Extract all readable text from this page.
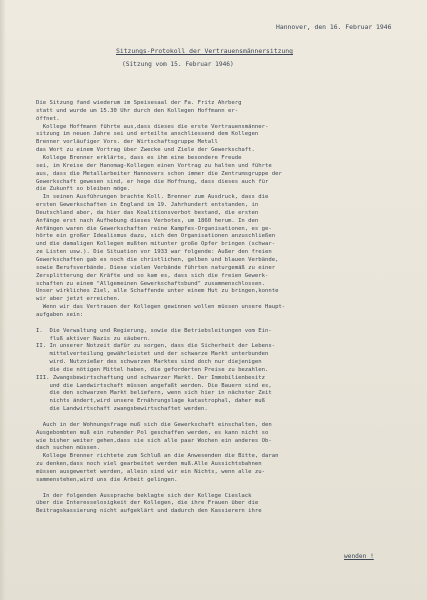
Hannover, den 16. Februar 1946
Sitzungs-Protokoll der Vertrauensmännersitzung
(Sitzung vom 15. Februar 1946)
Die Sitzung fand wiederum im Speisesaal der Fa. Fritz Ahrberg
statt und wurde um 15.30 Uhr durch den Kollegen Hoffmann er-
öffnet.
Kollege Hoffmann führte aus,dass dieses die erste Vertrauensmänner-
sitzung im neuen Jahre sei und erteilte anschliessend dem Kollegen
Brenner vorläufiger Vors. der Wirtschaftsgruppe Metall
das Wort zu einem Vortrag über Zwecke und Ziele der Gewerkschaft.
Kollege Brenner erklärte, dass es ihm eine besondere Freude
sei, im Kreise der Hanomag-Kollegen einen Vortrag zu halten und führte
aus, dass die Metallarbeiter Hannovers schon immer die Zentrumsgruppe der
Gewerkschaft gewesen sind, er hege die Hoffnung, dass dieses auch für
die Zukunft so bleiben möge.
In seinen Ausführungen brachte Koll. Brenner zum Ausdruck, dass die
ersten Gewerkschaften in England im 19. Jahrhundert entstanden, in
Deutschland aber, da hier das Koalitionsverbot bestand, die ersten
Anfänge erst nach Aufhebung dieses Verbotes, um 1860 herum. In den
Anfängen waren die Gewerkschaften reine Kampfes-Organisationen, es ge-
hörte ein großer Idealismus dazu, sich den Organisationen anzuschließen
und die damaligen Kollegen mußten mitunter große Opfer bringen (schwar-
ze Listen usw.). Die Situation vor 1933 war folgende: Außer den freien
Gewerkschaften gab es noch die christlichen, gelben und blauen Verbände,
sowie Berufsverbände. Diese vielen Verbände führten naturgemäß zu einer
Zersplitterung der Kräfte und so kam es, dass sich die freien Gewerk-
schaften zu einem "Allgemeinen Gewerkschaftsbund" zusammenschlossen.
Unser wirkliches Ziel, alle Schaffende unter einem Hut zu bringen,konnte
wir aber jetzt erreichen.
Wenn wir das Vertrauen der Kollegen gewinnen wollen müssen unsere Haupt-
aufgaben sein:
I.  Die Verwaltung und Regierung, sowie die Betriebsleitungen vom Ein-
fluß aktiver Nazis zu säubern.
II. In unserer Notzeit dafür zu sorgen, dass die Sicherheit der Lebens-
mittelverteilung gewährleistet und der schwarze Markt unterbunden
wird. Nutznießer des schwarzen Marktes sind doch nur diejenigen
die die nötigen Mittel haben, die geforderten Preise zu bezahlen.
III. Zwangsbewirtschaftung und schwarzer Markt. Der Immobilienbesitz
und die Landwirtschaft müssen angefaßt werden. Die Bauern sind es,
die den schwarzen Markt beliefern, wenn sich hier in nächster Zeit
nichts ändert,wird unsere Ernährungslage katastrophal, daher muß
die Landwirtschaft zwangsbewirtschaftet werden.
Auch in der Wohnungsfrage muß sich die Gewerkschaft einschalten, den
Ausgebombten muß ein ruhender Pol geschaffen werden, es kann nicht so
wie bisher weiter gehen,dass sie sich alle paar Wochen ein anderes Ob-
dach suchen müssen.
Kollege Brenner richtete zum Schluß an die Anwesenden die Bitte, daran
zu denken,dass noch viel gearbeitet werden muß.Alle Aussichtsbahnen
müssen ausgewertet werden, allein sind wir ein Nichts, wenn alle zu-
sammenstehen,wird uns die Arbeit gelingen.
In der folgenden Aussprache beklagte sich der Kollege Cieslack
über die Interesselosigkeit der Kollegen, die ihre Frauen über die
Beitragskassierung nicht aufgeklärt und dadurch den Kassierern ihre
wenden !
